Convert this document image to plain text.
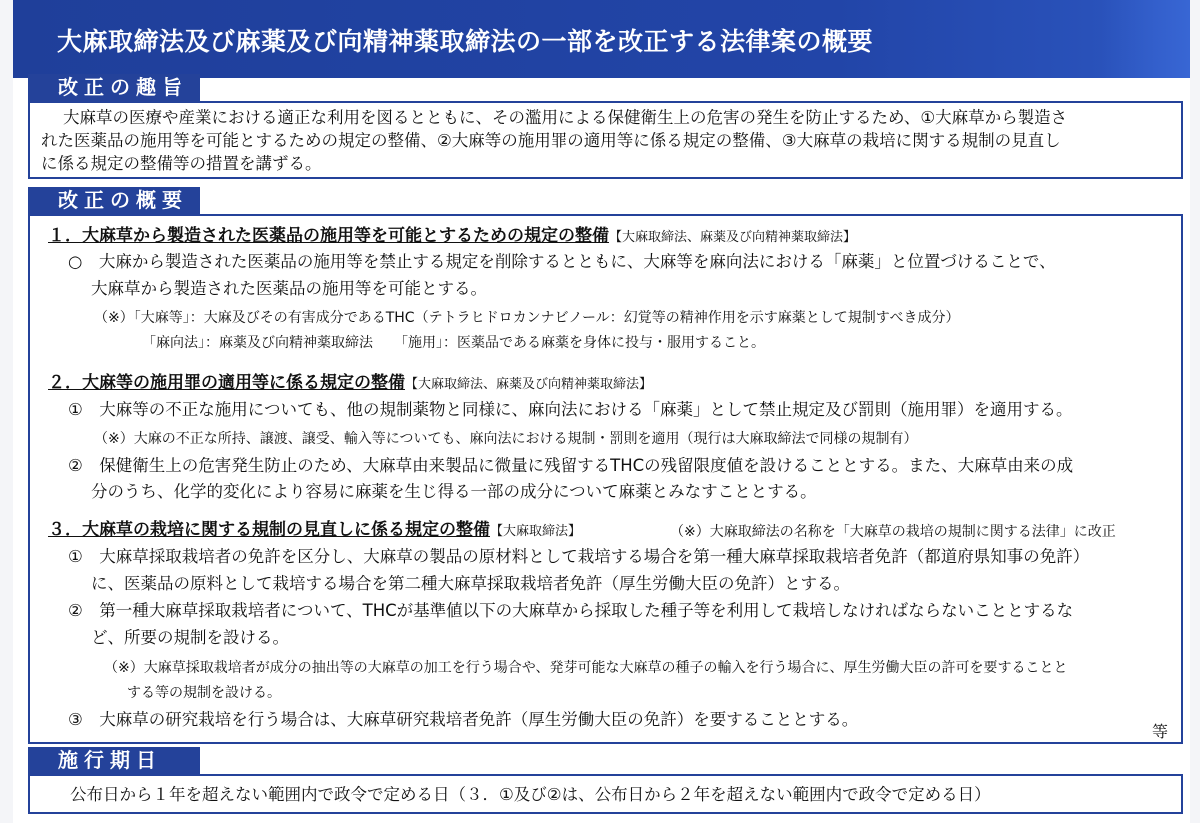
大麻取締法及び麻薬及び向精神薬取締法の一部を改正する法律案の概要
改正の趣旨
大麻草の医療や産業における適正な利用を図るとともに、その濫用による保健衛生上の危害の発生を防止するため、①大麻草から製造さ
れた医薬品の施用等を可能とするための規定の整備、②大麻等の施用罪の適用等に係る規定の整備、③大麻草の栽培に関する規制の見直し
に係る規定の整備等の措置を講ずる。
改正の概要
１．大麻草から製造された医薬品の施用等を可能とするための規定の整備【大麻取締法、麻薬及び向精神薬取締法】
○　大麻から製造された医薬品の施用等を禁止する規定を削除するとともに、大麻等を麻向法における「麻薬」と位置づけることで、
大麻草から製造された医薬品の施用等を可能とする。
（※）「大麻等」：大麻及びその有害成分であるTHC（テトラヒドロカンナビノール：幻覚等の精神作用を示す麻薬として規制すべき成分）
「麻向法」：麻薬及び向精神薬取締法　　「施用」：医薬品である麻薬を身体に投与・服用すること。
２．大麻等の施用罪の適用等に係る規定の整備【大麻取締法、麻薬及び向精神薬取締法】
①　大麻等の不正な施用についても、他の規制薬物と同様に、麻向法における「麻薬」として禁止規定及び罰則（施用罪）を適用する。
（※）大麻の不正な所持、譲渡、譲受、輸入等についても、麻向法における規制・罰則を適用（現行は大麻取締法で同様の規制有）
②　保健衛生上の危害発生防止のため、大麻草由来製品に微量に残留するTHCの残留限度値を設けることとする。また、大麻草由来の成
分のうち、化学的変化により容易に麻薬を生じ得る一部の成分について麻薬とみなすこととする。
３．大麻草の栽培に関する規制の見直しに係る規定の整備【大麻取締法】	（※）大麻取締法の名称を「大麻草の栽培の規制に関する法律」に改正
①　大麻草採取栽培者の免許を区分し、大麻草の製品の原材料として栽培する場合を第一種大麻草採取栽培者免許（都道府県知事の免許）
に、医薬品の原料として栽培する場合を第二種大麻草採取栽培者免許（厚生労働大臣の免許）とする。
②　第一種大麻草採取栽培者について、THCが基準値以下の大麻草から採取した種子等を利用して栽培しなければならないこととするな
ど、所要の規制を設ける。
（※）大麻草採取栽培者が成分の抽出等の大麻草の加工を行う場合や、発芽可能な大麻草の種子の輸入を行う場合に、厚生労働大臣の許可を要することと
する等の規制を設ける。
③　大麻草の研究栽培を行う場合は、大麻草研究栽培者免許（厚生労働大臣の免許）を要することとする。
等
施行期日
公布日から１年を超えない範囲内で政令で定める日（３．①及び②は、公布日から２年を超えない範囲内で政令で定める日）
